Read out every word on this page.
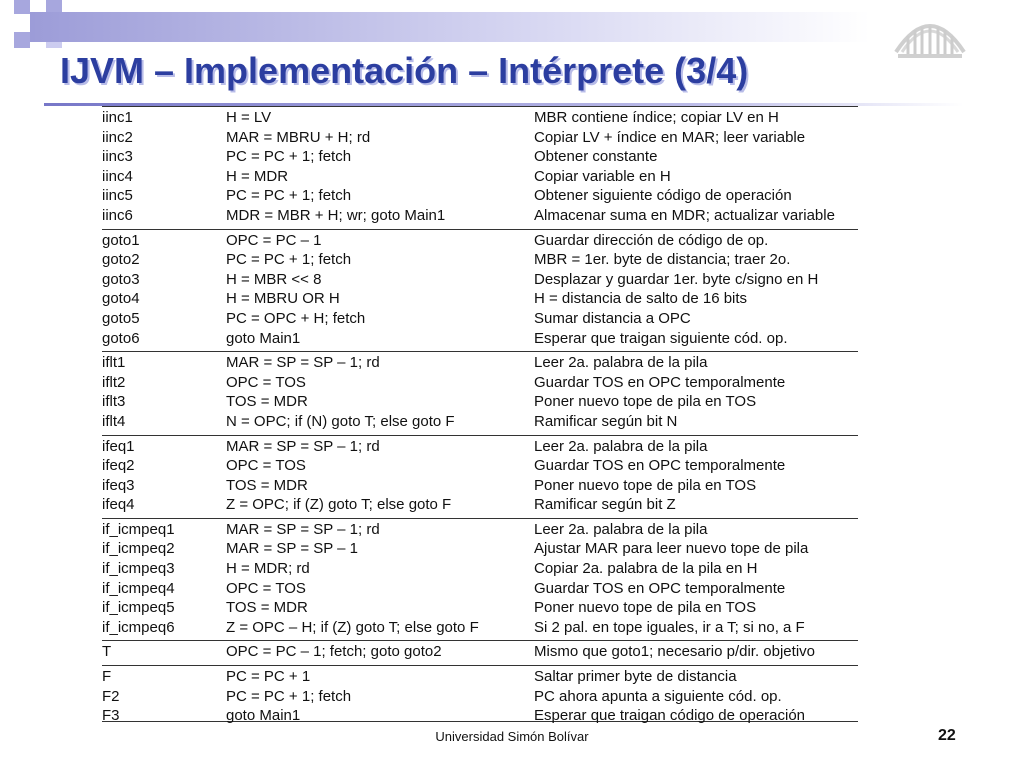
IJVM – Implementación – Intérprete (3/4)
iinc1	H = LV	MBR contiene índice; copiar LV en H
iinc2	MAR = MBRU + H; rd	Copiar LV + índice en MAR; leer variable
iinc3	PC = PC + 1; fetch	Obtener constante
iinc4	H = MDR	Copiar variable en H
iinc5	PC = PC + 1; fetch	Obtener siguiente código de operación
iinc6	MDR = MBR + H; wr; goto Main1	Almacenar suma en MDR; actualizar variable
goto1	OPC = PC – 1	Guardar dirección de código de op.
goto2	PC = PC + 1; fetch	MBR = 1er. byte de distancia; traer 2o.
goto3	H = MBR << 8	Desplazar y guardar 1er. byte c/signo en H
goto4	H = MBRU OR H	H = distancia de salto de 16 bits
goto5	PC = OPC + H; fetch	Sumar distancia a OPC
goto6	goto Main1	Esperar que traigan siguiente cód. op.
iflt1	MAR = SP = SP – 1; rd	Leer 2a. palabra de la pila
iflt2	OPC = TOS	Guardar TOS en OPC temporalmente
iflt3	TOS = MDR	Poner nuevo tope de pila en TOS
iflt4	N = OPC; if (N) goto T; else goto F	Ramificar según bit N
ifeq1	MAR = SP = SP – 1; rd	Leer 2a. palabra de la pila
ifeq2	OPC = TOS	Guardar TOS en OPC temporalmente
ifeq3	TOS = MDR	Poner nuevo tope de pila en TOS
ifeq4	Z = OPC; if (Z) goto T; else goto F	Ramificar según bit Z
if_icmpeq1	MAR = SP = SP – 1; rd	Leer 2a. palabra de la pila
if_icmpeq2	MAR = SP = SP – 1	Ajustar MAR para leer nuevo tope de pila
if_icmpeq3	H = MDR; rd	Copiar 2a. palabra de la pila en H
if_icmpeq4	OPC = TOS	Guardar TOS en OPC temporalmente
if_icmpeq5	TOS = MDR	Poner nuevo tope de pila en TOS
if_icmpeq6	Z = OPC – H; if (Z) goto T; else goto F	Si 2 pal. en tope iguales, ir a T; si no, a F
T	OPC = PC – 1; fetch; goto goto2	Mismo que goto1; necesario p/dir. objetivo
F	PC = PC + 1	Saltar primer byte de distancia
F2	PC = PC + 1; fetch	PC ahora apunta a siguiente cód. op.
F3	goto Main1	Esperar que traigan código de operación
Universidad Simón Bolívar	22
